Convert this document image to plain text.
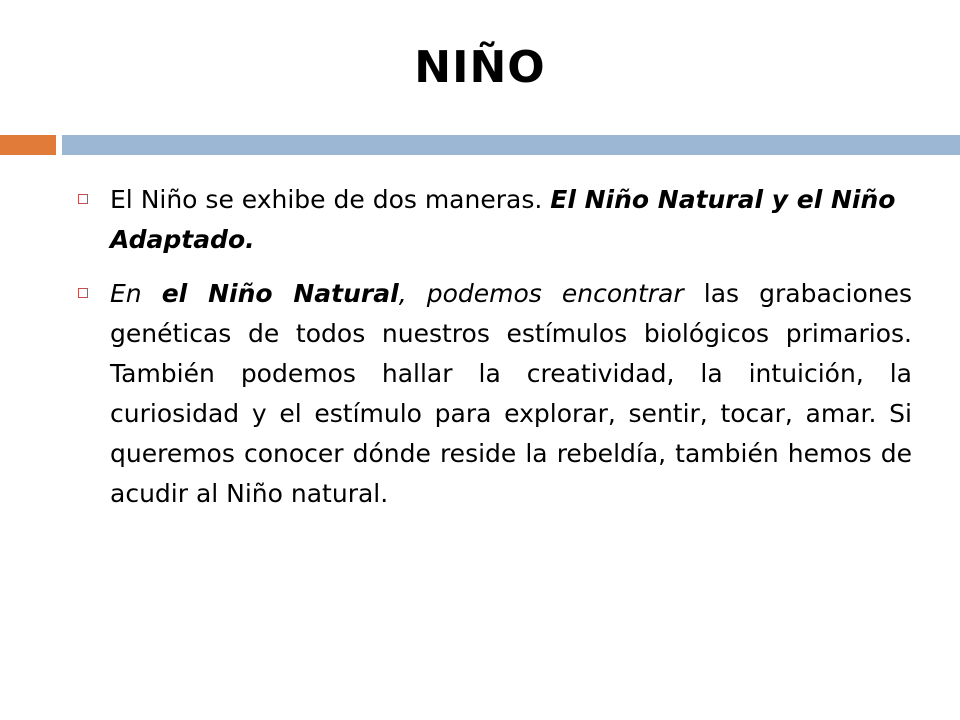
NIÑO
El Niño se exhibe de dos maneras. El Niño Natural y el Niño Adaptado.
En el Niño Natural, podemos encontrar las grabaciones genéticas de todos nuestros estímulos biológicos primarios. También podemos hallar la creatividad, la intuición, la curiosidad y el estímulo para explorar, sentir, tocar, amar. Si queremos conocer dónde reside la rebeldía, también hemos de acudir al Niño natural.
